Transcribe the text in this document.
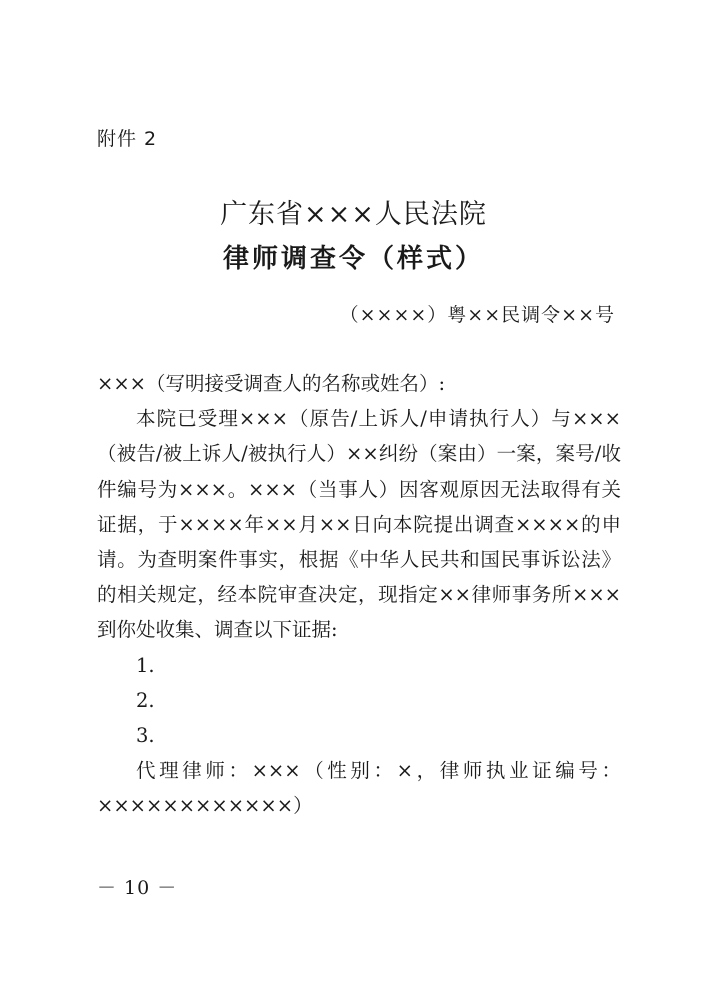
附件 2
广东省×××人民法院
律师调查令（样式）
（××××）粤××民调令××号

×××（写明接受调查人的名称或姓名）:

本院已受理×××（原告/上诉人/申请执行人）与×××（被告/被上诉人/被执行人）××纠纷（案由）一案，案号/收件编号为×××。×××（当事人）因客观原因无法取得有关证据，于××××年××月××日向本院提出调查××××的申请。为查明案件事实，根据《中华人民共和国民事诉讼法》的相关规定，经本院审查决定，现指定××律师事务所×××到你处收集、调查以下证据:

1.

2.

3.

代理律师：×××（性别：×，律师执业证编号：××××××××××××）

－ 10 －
